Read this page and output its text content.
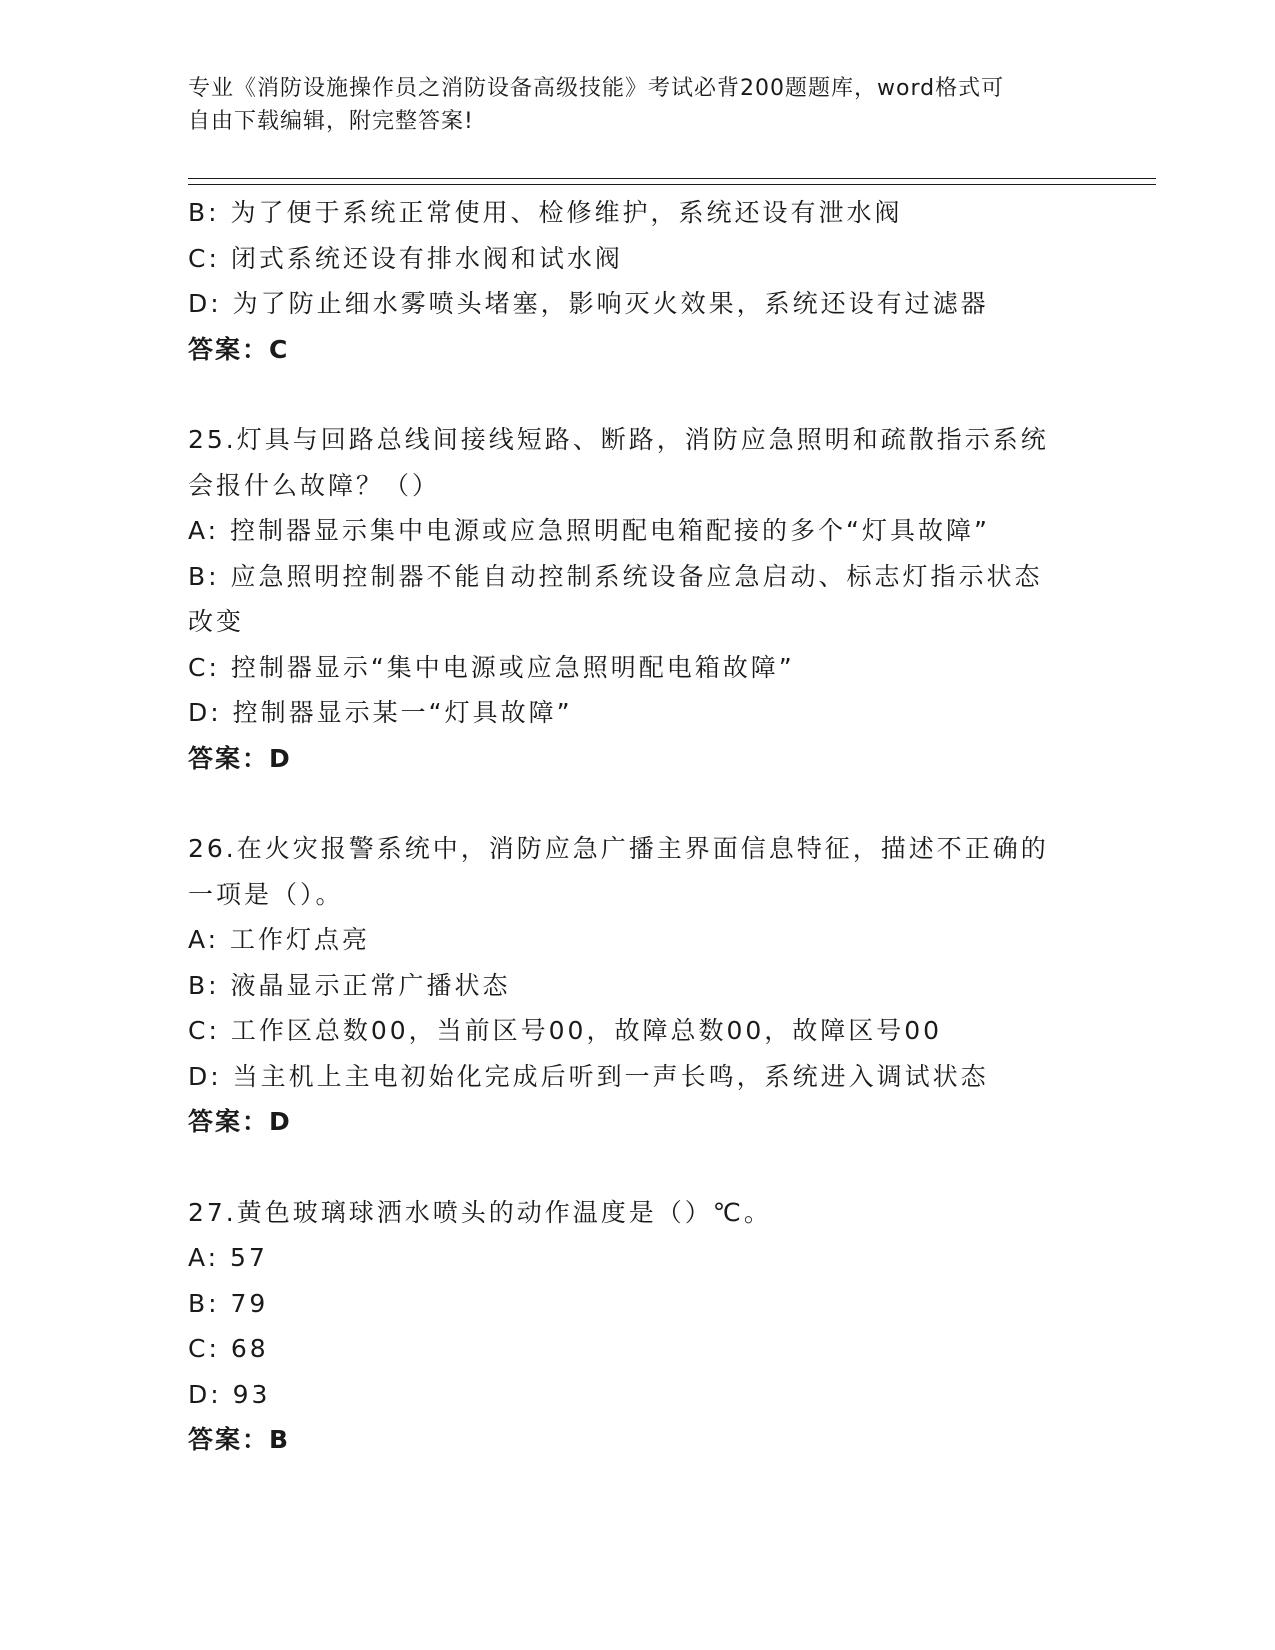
专业《消防设施操作员之消防设备高级技能》考试必背200题题库，word格式可
自由下载编辑，附完整答案!
B: 为了便于系统正常使用、检修维护，系统还设有泄水阀
C: 闭式系统还设有排水阀和试水阀
D: 为了防止细水雾喷头堵塞，影响灭火效果，系统还设有过滤器
答案：C
25.灯具与回路总线间接线短路、断路，消防应急照明和疏散指示系统
会报什么故障？（）
A: 控制器显示集中电源或应急照明配电箱配接的多个“灯具故障”
B: 应急照明控制器不能自动控制系统设备应急启动、标志灯指示状态
改变
C: 控制器显示“集中电源或应急照明配电箱故障”
D: 控制器显示某一“灯具故障”
答案：D
26.在火灾报警系统中，消防应急广播主界面信息特征，描述不正确的
一项是（）。
A: 工作灯点亮
B: 液晶显示正常广播状态
C: 工作区总数00，当前区号00，故障总数00，故障区号00
D: 当主机上主电初始化完成后听到一声长鸣，系统进入调试状态
答案：D
27.黄色玻璃球洒水喷头的动作温度是（）℃。
A: 57
B: 79
C: 68
D: 93
答案：B
